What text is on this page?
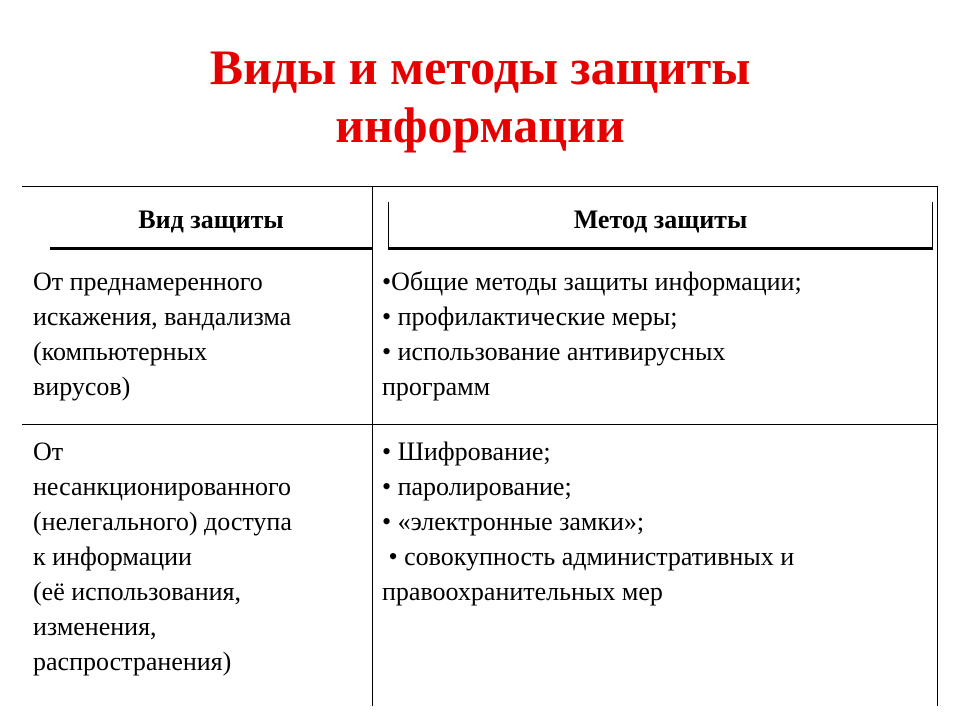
Виды и методы защиты
информации
Вид защиты	Метод защиты
От преднамеренного
искажения, вандализма
(компьютерных
вирусов)
•Общие методы защиты информации;
• профилактические меры;
• использование антивирусных
программ
От
несанкционированного
(нелегального) доступа
к информации
(её использования,
изменения,
распространения)
• Шифрование;
• паролирование;
• «электронные замки»;
• совокупность административных и
правоохранительных мер
